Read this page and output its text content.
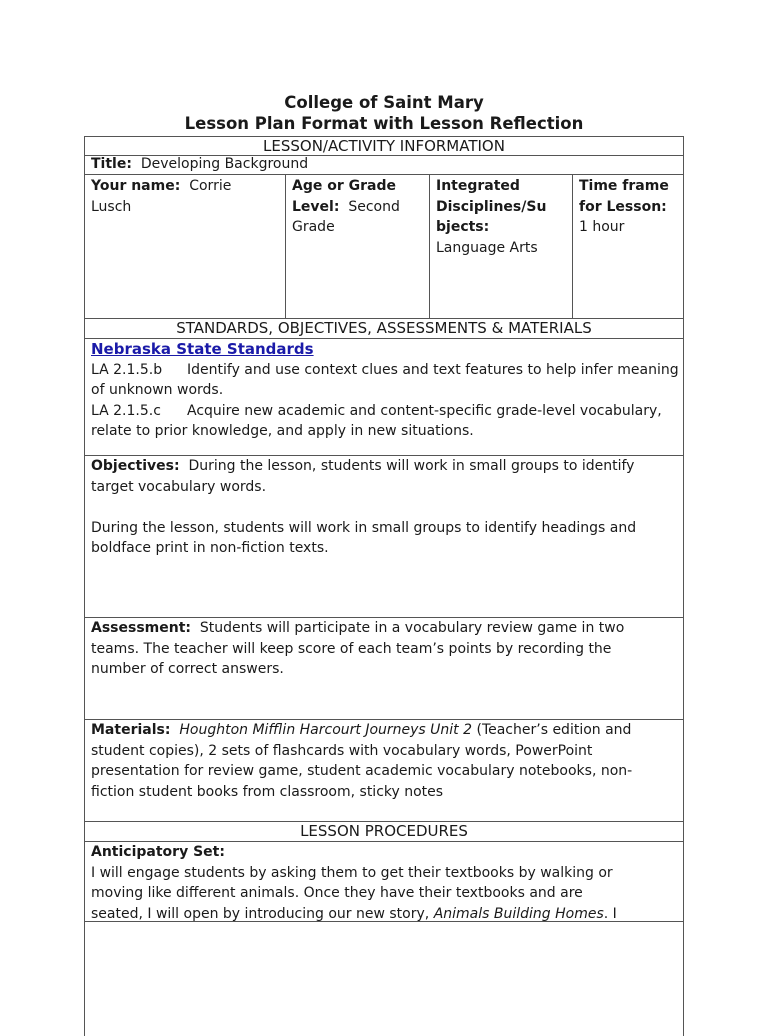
College of Saint Mary
Lesson Plan Format with Lesson Reflection
LESSON/ACTIVITY INFORMATION
Title: Developing Background
Your name: Corrie
Lusch
Age or Grade
Level: Second
Grade
Integrated
Disciplines/Su
bjects:
Language Arts
Time frame
for Lesson:
1 hour
STANDARDS, OBJECTIVES, ASSESSMENTS & MATERIALS
Nebraska State Standards
LA 2.1.5.b Identify and use context clues and text features to help infer meaning
of unknown words.
LA 2.1.5.c Acquire new academic and content-specific grade-level vocabulary,
relate to prior knowledge, and apply in new situations.
Objectives: During the lesson, students will work in small groups to identify
target vocabulary words.

During the lesson, students will work in small groups to identify headings and
boldface print in non-fiction texts.
Assessment: Students will participate in a vocabulary review game in two
teams. The teacher will keep score of each team’s points by recording the
number of correct answers.
Materials: Houghton Mifflin Harcourt Journeys Unit 2 (Teacher’s edition and
student copies), 2 sets of flashcards with vocabulary words, PowerPoint
presentation for review game, student academic vocabulary notebooks, non-
fiction student books from classroom, sticky notes
LESSON PROCEDURES
Anticipatory Set:
I will engage students by asking them to get their textbooks by walking or
moving like different animals. Once they have their textbooks and are
seated, I will open by introducing our new story, Animals Building Homes. I
